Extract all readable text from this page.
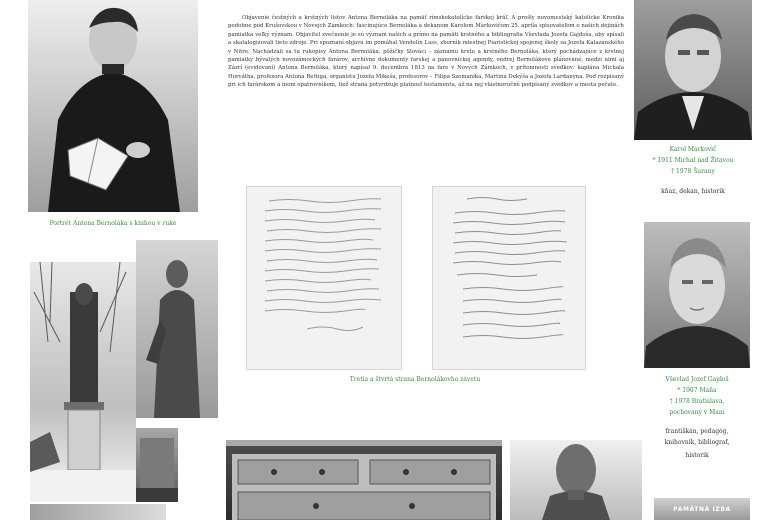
Portrét Antona Bernoláka s knihou v ruke
Objavenie čestných a krstných listov Antona Bernoláka na pamäť rímskokatolícke farskej kráľ. A prošly novomestský katolícke Kronika podobne pod Krušovskou v Novejch Zámkoch: fascinujúce Bernoláka a dekanom Karolom Markovičom 25. apríla spisovateľom o našich dejinách pamiatka veľký význam. Objavitel zvečnenie je sú význam našich a prímo na pamäti krstného a bibliografia Vševlada Jozefa Gajdoša, aby spísali a skatalogizovali tieto zdroje. Pri spoznaní objavu im pomáhal Vendelín Lass, zborník miestnej Piaristickej spojenej školy sa Jozefa Kalazanského v Nitre. Nachádzali sa tu rukopisy Antona Bernoláka, pôžičky Slováci – záznamu krstu a krstného Bernoláka, ktorý pochádzajúce z krstnej pamiatky bývalých novozámockých farárov, archívne dokumenty farskej a panovníckej agendy, ondrej Bernolákove plánované, medzi nimi aj Zázrí (evidovaní) Antona Bernoláka, ktorý napísal 9. decembra 1813 na fare v Nových Zámkoch, v prítomnosti svedkov: kaplána Michala Horvátha, profesora Antona Rettiga, organistu Jozefa Mikeša, profesorov – Filipa Szemaníka, Martina Dekýša a Jozefa Lardanyna. Pod rozpísaný pri ich farárskom a inom opatrovníkom, tiež strana potvrdzuje platnosť testamentu, až na nej vlastnoručné podpísaný zvedkov a mesta pečate.
Karol Markovič
* 1911 Michal nad Žitavou
† 1978 Šurany
kňaz, dekan, historik
Tretia a štvrtá strana Bernolákovho závetu	Vševlad Jozef Gajdoš
* 1907 Maňa
† 1978 Bratislava,
pochovaný v Mani
františkán, pedagóg,
knihovník, bibliograf,
historik
PAMÄTNÁ IZBA
